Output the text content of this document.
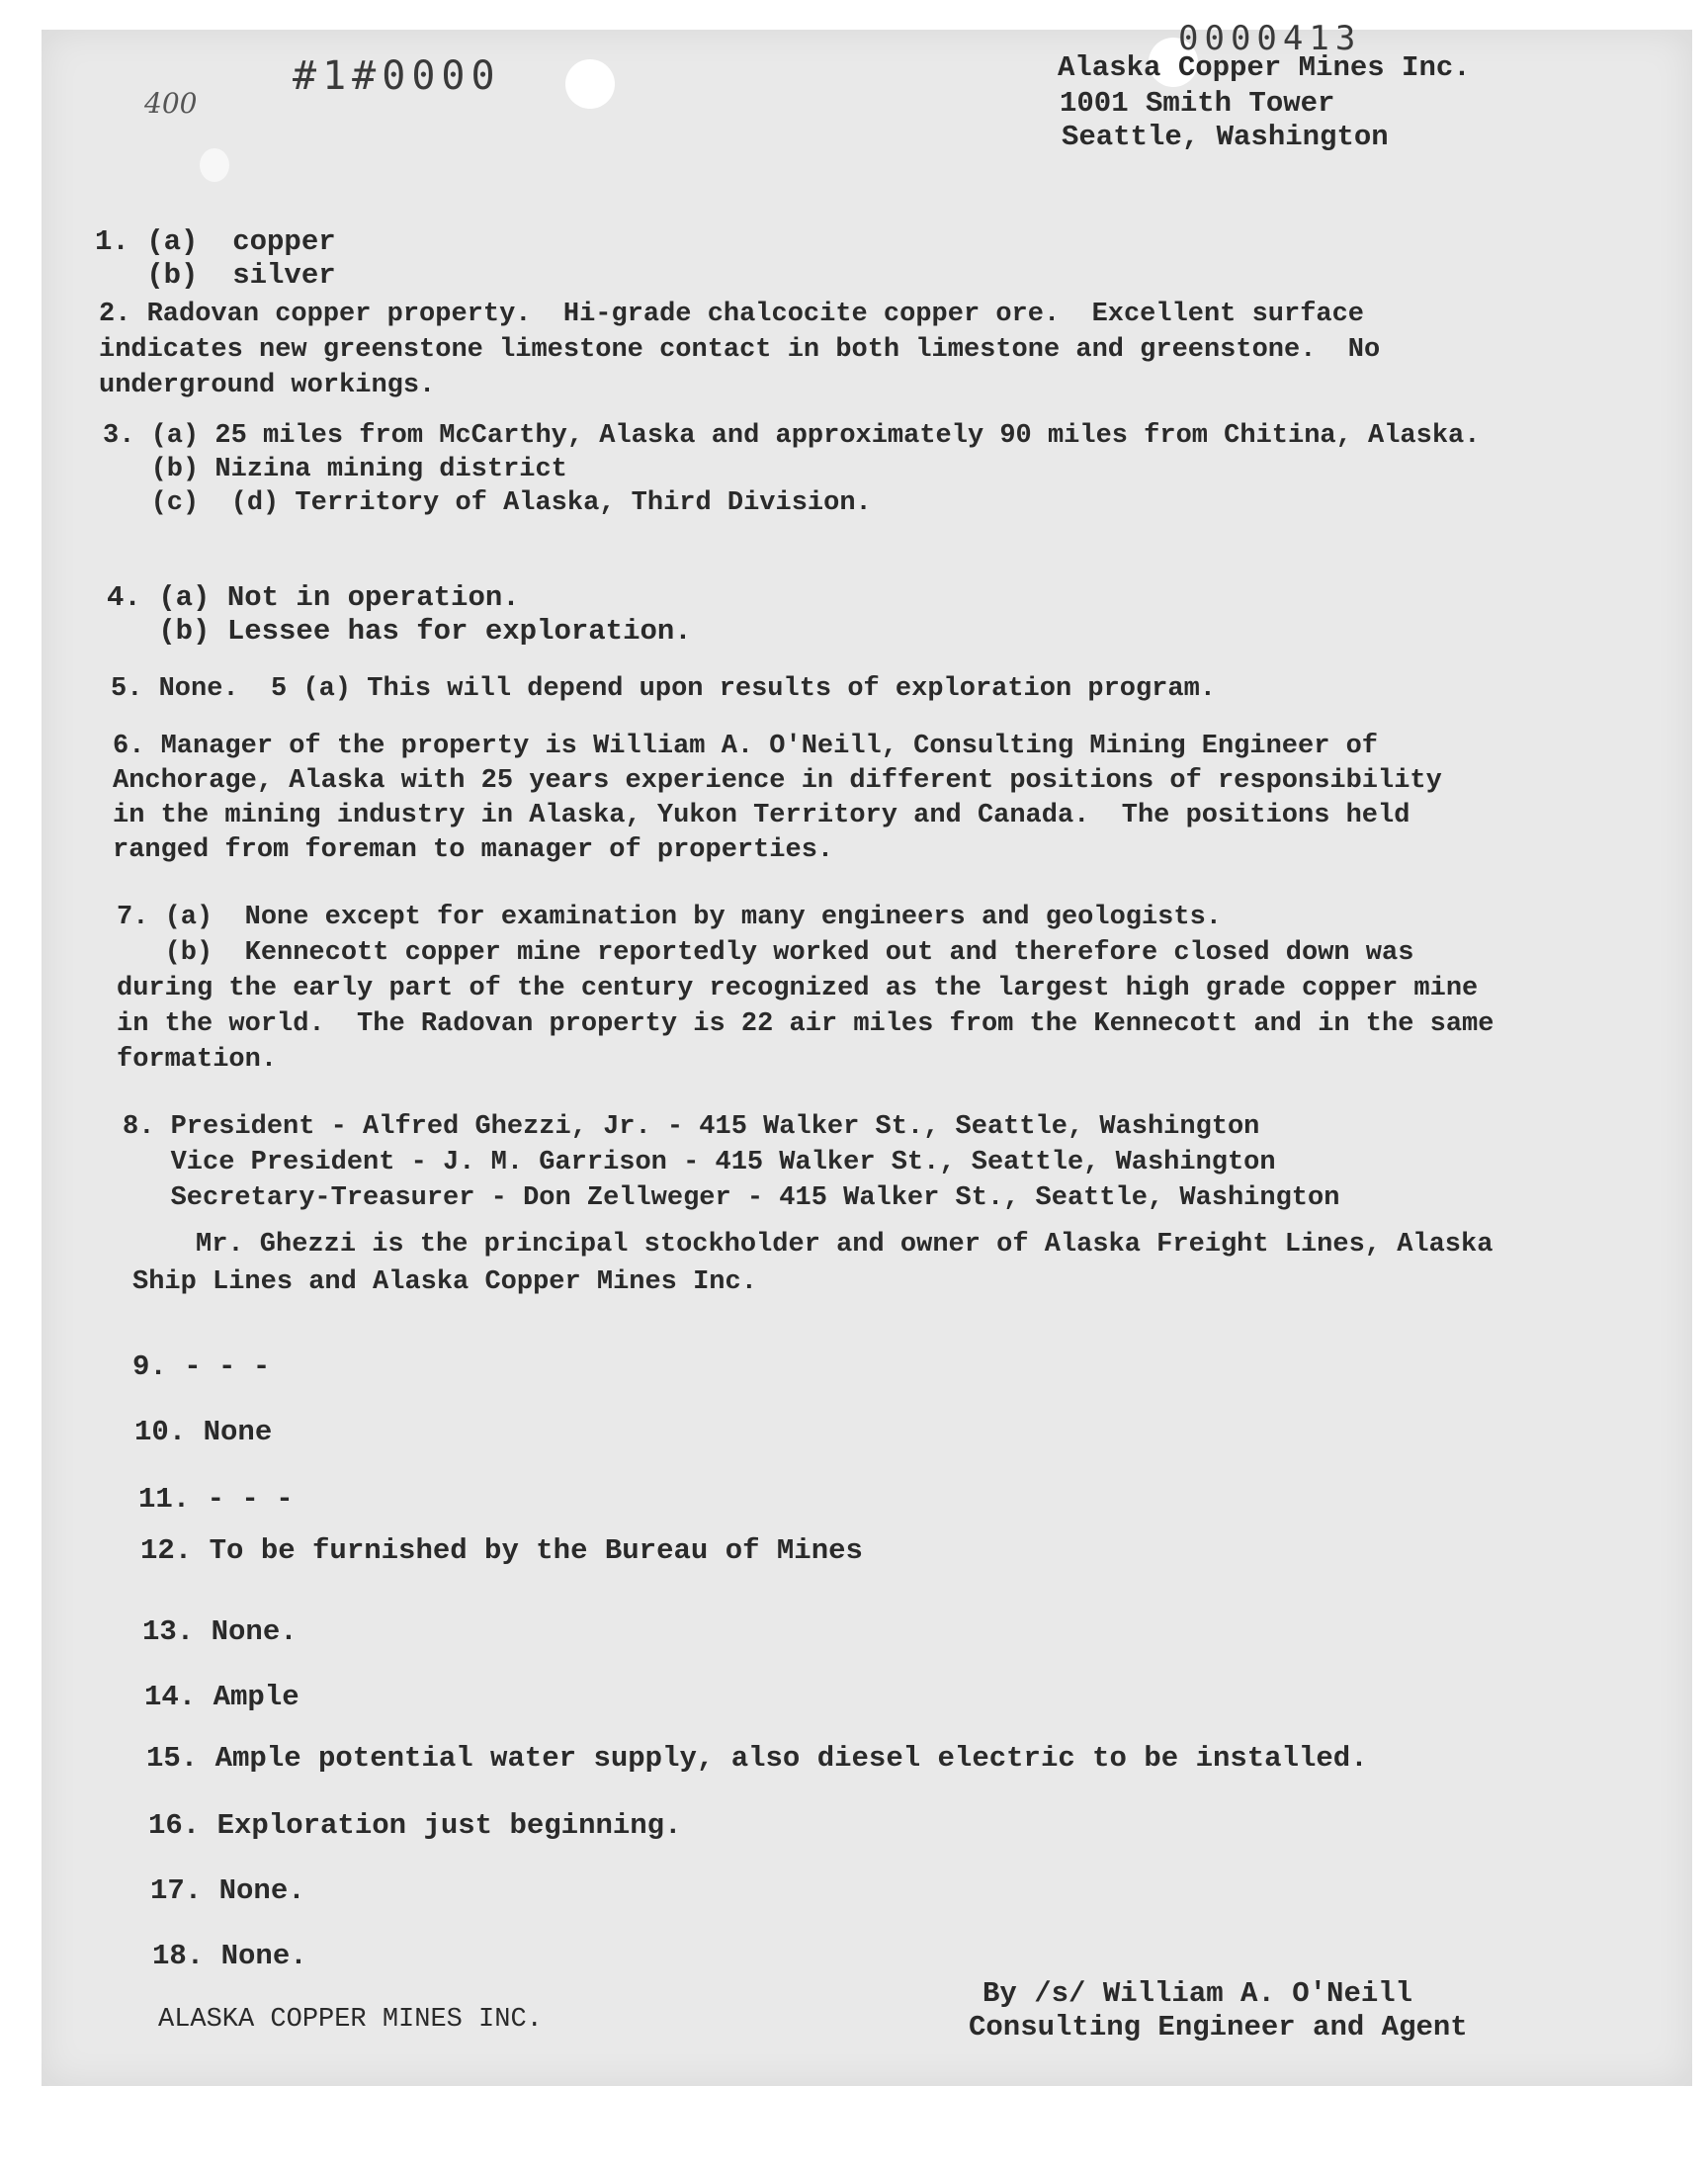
400
#1#0000
0000413
Alaska Copper Mines Inc.
1001 Smith Tower
Seattle, Washington
1. (a)  copper
(b)  silver
2. Radovan copper property.  Hi-grade chalcocite copper ore.  Excellent surface
indicates new greenstone limestone contact in both limestone and greenstone.  No
underground workings.
3. (a) 25 miles from McCarthy, Alaska and approximately 90 miles from Chitina, Alaska.
(b) Nizina mining district
(c)  (d) Territory of Alaska, Third Division.
4. (a) Not in operation.
(b) Lessee has for exploration.
5. None.  5 (a) This will depend upon results of exploration program.
6. Manager of the property is William A. O'Neill, Consulting Mining Engineer of
Anchorage, Alaska with 25 years experience in different positions of responsibility
in the mining industry in Alaska, Yukon Territory and Canada.  The positions held
ranged from foreman to manager of properties.
7. (a)  None except for examination by many engineers and geologists.
(b)  Kennecott copper mine reportedly worked out and therefore closed down was
during the early part of the century recognized as the largest high grade copper mine
in the world.  The Radovan property is 22 air miles from the Kennecott and in the same
formation.
8. President - Alfred Ghezzi, Jr. - 415 Walker St., Seattle, Washington
Vice President - J. M. Garrison - 415 Walker St., Seattle, Washington
Secretary-Treasurer - Don Zellweger - 415 Walker St., Seattle, Washington
Mr. Ghezzi is the principal stockholder and owner of Alaska Freight Lines, Alaska
Ship Lines and Alaska Copper Mines Inc.
9. - - -
10. None
11. - - -
12. To be furnished by the Bureau of Mines
13. None.
14. Ample
15. Ample potential water supply, also diesel electric to be installed.
16. Exploration just beginning.
17. None.
18. None.
ALASKA COPPER MINES INC.
By /s/ William A. O'Neill
Consulting Engineer and Agent
